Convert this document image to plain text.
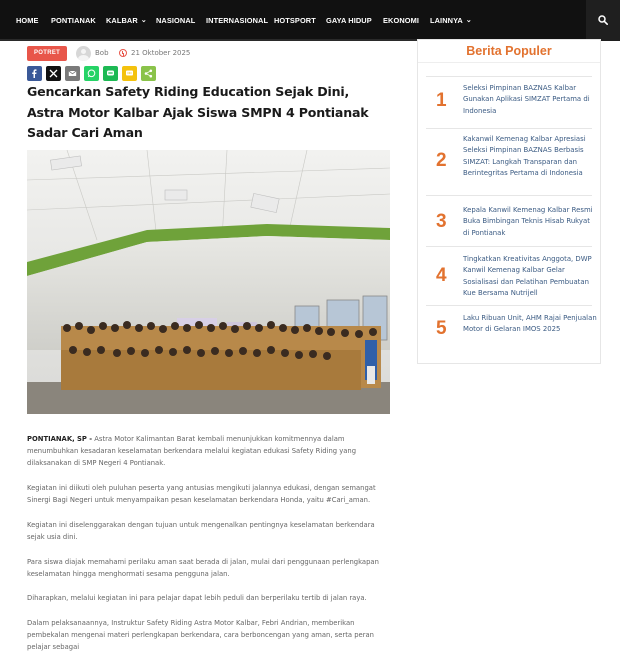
HOME PONTIANAK KALBAR ⌄ NASIONAL INTERNASIONAL HOTSPORT GAYA HIDUP EKONOMI LAINNYA ⌄
POTRET	Bob	21 Oktober 2025
Gencarkan Safety Riding Education Sejak Dini, Astra Motor Kalbar Ajak Siswa SMPN 4 Pontianak Sadar Cari Aman

PONTIANAK, SP - Astra Motor Kalimantan Barat kembali menunjukkan komitmennya dalam menumbuhkan kesadaran keselamatan berkendara melalui kegiatan edukasi Safety Riding yang dilaksanakan di SMP Negeri 4 Pontianak.

Kegiatan ini diikuti oleh puluhan peserta yang antusias mengikuti jalannya edukasi, dengan semangat Sinergi Bagi Negeri untuk menyampaikan pesan keselamatan berkendara Honda, yaitu #Cari_aman.

Kegiatan ini diselenggarakan dengan tujuan untuk mengenalkan pentingnya keselamatan berkendara sejak usia dini.

Para siswa diajak memahami perilaku aman saat berada di jalan, mulai dari penggunaan perlengkapan keselamatan hingga menghormati sesama pengguna jalan.

Diharapkan, melalui kegiatan ini para pelajar dapat lebih peduli dan berperilaku tertib di jalan raya.

Dalam pelaksanaannya, Instruktur Safety Riding Astra Motor Kalbar, Febri Andrian, memberikan pembekalan mengenai materi perlengkapan berkendara, cara berboncengan yang aman, serta peran pelajar sebagai

Berita Populer
1
Seleksi Pimpinan BAZNAS Kalbar Gunakan Aplikasi SIMZAT Pertama di Indonesia
2
Kakanwil Kemenag Kalbar Apresiasi Seleksi Pimpinan BAZNAS Berbasis SIMZAT: Langkah Transparan dan Berintegritas Pertama di Indonesia
3
Kepala Kanwil Kemenag Kalbar Resmi Buka Bimbingan Teknis Hisab Rukyat di Pontianak
4
Tingkatkan Kreativitas Anggota, DWP Kanwil Kemenag Kalbar Gelar Sosialisasi dan Pelatihan Pembuatan Kue Bersama Nutrijell
5 Laku Ribuan Unit, AHM Rajai Penjualan Motor di Gelaran IMOS 2025
